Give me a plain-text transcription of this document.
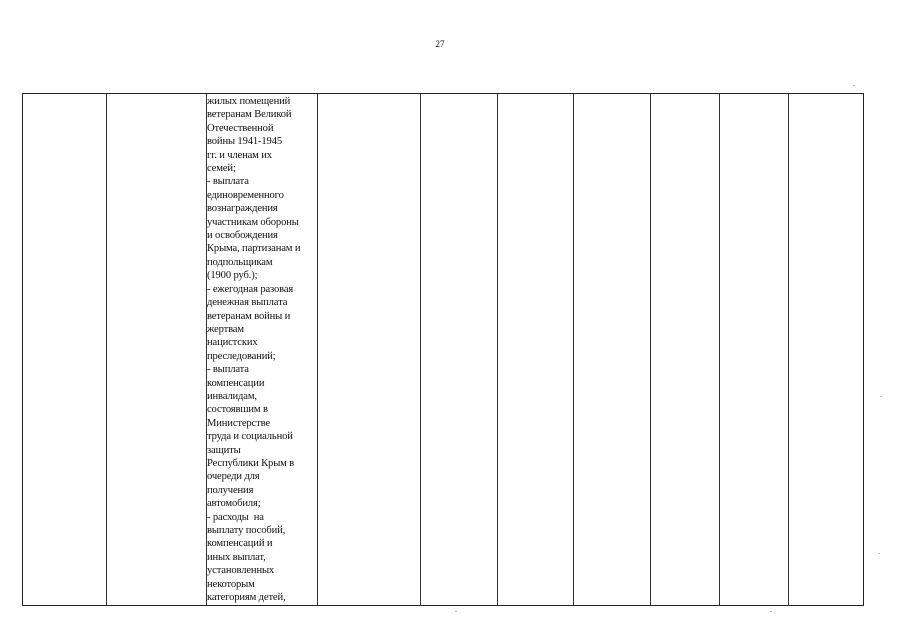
27
жилых помещений
ветеранам Великой
Отечественной
войны 1941-1945
гг. и членам их
семей;
- выплата
единовременного
вознаграждения
участникам обороны
и освобождения
Крыма, партизанам и
подпольщикам
(1900 руб.);
- ежегодная разовая
денежная выплата
ветеранам войны и
жертвам
нацистских
преследований;
- выплата
компенсации
инвалидам,
состоявшим в
Министерстве
труда и социальной
защиты
Республики Крым в
очереди для
получения
автомобиля;
- расходы  на
выплату пособий,
компенсаций и
иных выплат,
установленных
некоторым
категориям детей,
